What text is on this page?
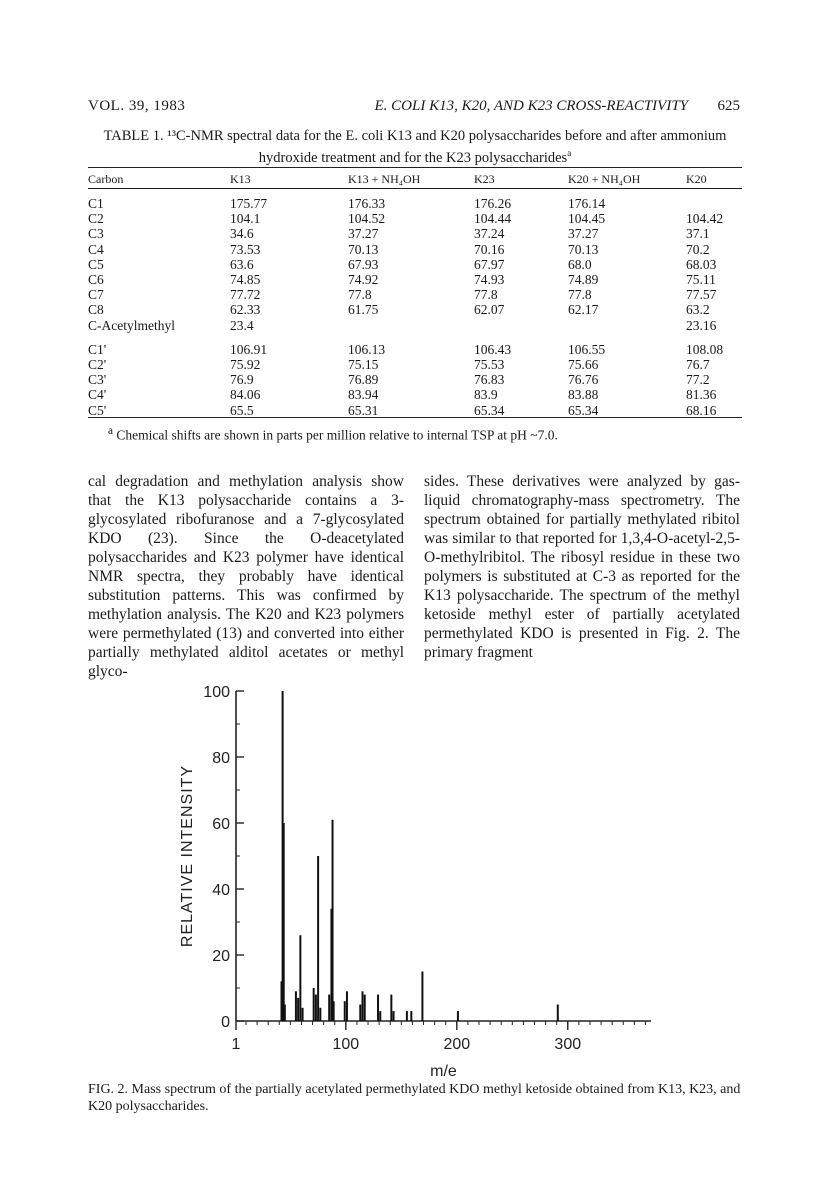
VOL. 39, 1983	E. COLI K13, K20, AND K23 CROSS-REACTIVITY 625
TABLE 1. ¹³C-NMR spectral data for the E. coli K13 and K20 polysaccharides before and after ammonium
hydroxide treatment and for the K23 polysaccharides$^a$
Carbon	K13	K13 + NH₄OH	K23	K20 + NH₄OH	K20
C1	175.77	176.33	176.26	176.14	
C2	104.1	104.52	104.44	104.45	104.42
C3	34.6	37.27	37.24	37.27	37.1
C4	73.53	70.13	70.16	70.13	70.2
C5	63.6	67.93	67.97	68.0	68.03
C6	74.85	74.92	74.93	74.89	75.11
C7	77.72	77.8	77.8	77.8	77.57
C8	62.33	61.75	62.07	62.17	63.2
C-Acetylmethyl	23.4				23.16

C1'	106.91	106.13	106.43	106.55	108.08
C2'	75.92	75.15	75.53	75.66	76.7
C3'	76.9	76.89	76.83	76.76	77.2
C4'	84.06	83.94	83.9	83.88	81.36
C5'	65.5	65.31	65.34	65.34	68.16
$^a$ Chemical shifts are shown in parts per million relative to internal TSP at pH ~7.0.
cal degradation and methylation analysis show that the K13 polysaccharide contains a 3-glycosylated ribofuranose and a 7-glycosylated KDO (23). Since the O-deacetylated polysaccharides and K23 polymer have identical NMR spectra, they probably have identical substitution patterns. This was confirmed by methylation analysis. The K20 and K23 polymers were permethylated (13) and converted into either partially methylated alditol acetates or methyl glyco-
sides. These derivatives were analyzed by gas-liquid chromatography-mass spectrometry. The spectrum obtained for partially methylated ribitol was similar to that reported for 1,3,4-O-acetyl-2,5-O-methylribitol. The ribosyl residue in these two polymers is substituted at C-3 as reported for the K13 polysaccharide. The spectrum of the methyl ketoside methyl ester of partially acetylated permethylated KDO is presented in Fig. 2. The primary fragment
0
20
40
60
80
100
1	100	200	300
m/e
RELATIVE INTENSITY
FIG. 2. Mass spectrum of the partially acetylated permethylated KDO methyl ketoside obtained from K13, K23, and K20 polysaccharides.
